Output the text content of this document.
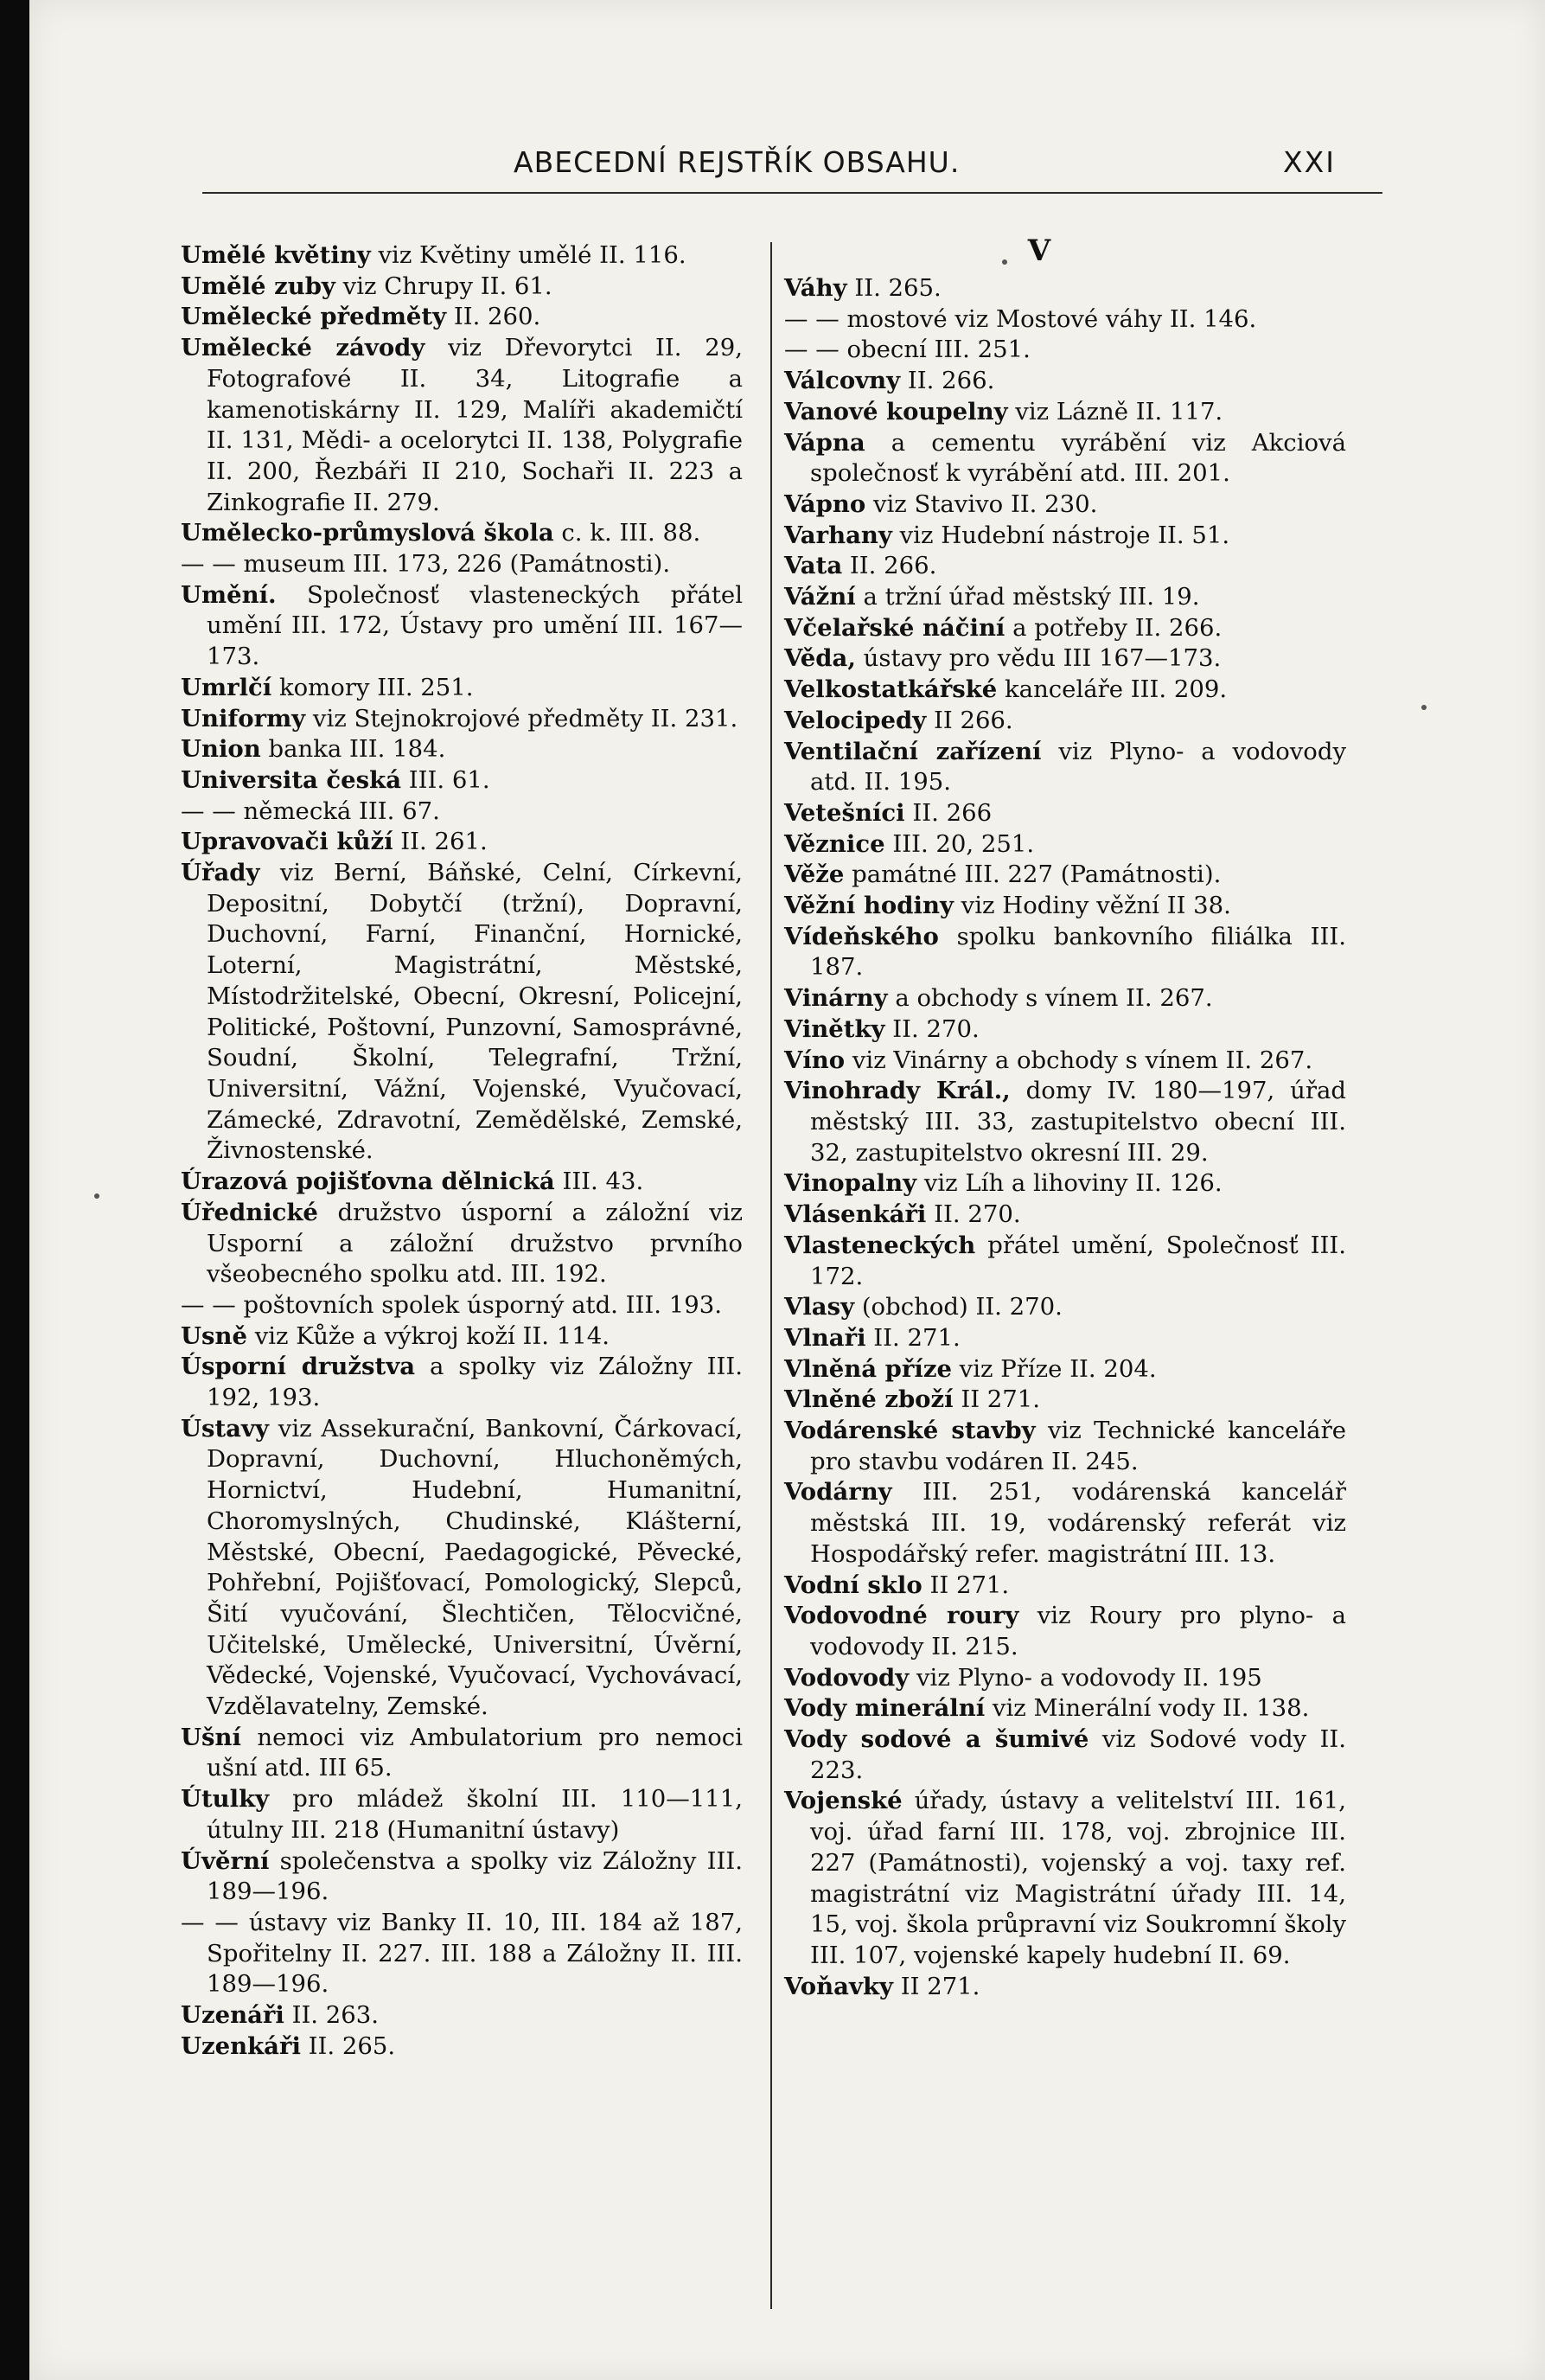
ABECEDNÍ REJSTŘÍK OBSAHU.	XXI
Umělé květiny viz Květiny umělé II. 116.
Umělé zuby viz Chrupy II. 61.
Umělecké předměty II. 260.
Umělecké závody viz Dřevorytci II. 29, Fotografové II. 34, Litografie a kamenotiskárny II. 129, Malíři akademičtí II. 131, Mědi- a ocelorytci II. 138, Polygrafie II. 200, Řezbáři II 210, Sochaři II. 223 a Zinkografie II. 279.
Umělecko-průmyslová škola c. k. III. 88.
— — museum III. 173, 226 (Památnosti).
Umění. Společnosť vlasteneckých přátel umění III. 172, Ústavy pro umění III. 167—173.
Umrlčí komory III. 251.
Uniformy viz Stejnokrojové předměty II. 231.
Union banka III. 184.
Universita česká III. 61.
— — německá III. 67.
Upravovači kůží II. 261.
Úřady viz Berní, Báňské, Celní, Církevní, Depositní, Dobytčí (tržní), Dopravní, Duchovní, Farní, Finanční, Hornické, Loterní, Magistrátní, Městské, Místodržitelské, Obecní, Okresní, Policejní, Politické, Poštovní, Punzovní, Samosprávné, Soudní, Školní, Telegrafní, Tržní, Universitní, Vážní, Vojenské, Vyučovací, Zámecké, Zdravotní, Zemědělské, Zemské, Živnostenské.
Úrazová pojišťovna dělnická III. 43.
Úřednické družstvo úsporní a záložní viz Usporní a záložní družstvo prvního všeobecného spolku atd. III. 192.
— — poštovních spolek úsporný atd. III. 193.
Usně viz Kůže a výkroj koží II. 114.
Úsporní družstva a spolky viz Záložny III. 192, 193.
Ústavy viz Assekurační, Bankovní, Čárkovací, Dopravní, Duchovní, Hluchoněmých, Hornictví, Hudební, Humanitní, Choromyslných, Chudinské, Klášterní, Městské, Obecní, Paedagogické, Pěvecké, Pohřební, Pojišťovací, Pomologický, Slepců, Šití vyučování, Šlechtičen, Tělocvičné, Učitelské, Umělecké, Universitní, Úvěrní, Vědecké, Vojenské, Vyučovací, Vychovávací, Vzdělavatelny, Zemské.
Ušní nemoci viz Ambulatorium pro nemoci ušní atd. III 65.
Útulky pro mládež školní III. 110—111, útulny III. 218 (Humanitní ústavy)
Úvěrní společenstva a spolky viz Záložny III. 189—196.
— — ústavy viz Banky II. 10, III. 184 až 187, Spořitelny II. 227. III. 188 a Záložny II. III. 189—196.
Uzenáři II. 263.
Uzenkáři II. 265.
V
Váhy II. 265.
— — mostové viz Mostové váhy II. 146.
— — obecní III. 251.
Válcovny II. 266.
Vanové koupelny viz Lázně II. 117.
Vápna a cementu vyrábění viz Akciová společnosť k vyrábění atd. III. 201.
Vápno viz Stavivo II. 230.
Varhany viz Hudební nástroje II. 51.
Vata II. 266.
Vážní a tržní úřad městský III. 19.
Včelařské náčiní a potřeby II. 266.
Věda, ústavy pro vědu III 167—173.
Velkostatkářské kanceláře III. 209.
Velocipedy II 266.
Ventilační zařízení viz Plyno- a vodovody atd. II. 195.
Vetešníci II. 266
Věznice III. 20, 251.
Věže památné III. 227 (Památnosti).
Věžní hodiny viz Hodiny věžní II 38.
Vídeňského spolku bankovního filiálka III. 187.
Vinárny a obchody s vínem II. 267.
Vinětky II. 270.
Víno viz Vinárny a obchody s vínem II. 267.
Vinohrady Král., domy IV. 180—197, úřad městský III. 33, zastupitelstvo obecní III. 32, zastupitelstvo okresní III. 29.
Vinopalny viz Líh a lihoviny II. 126.
Vlásenkáři II. 270.
Vlasteneckých přátel umění, Společnosť III. 172.
Vlasy (obchod) II. 270.
Vlnaři II. 271.
Vlněná příze viz Příze II. 204.
Vlněné zboží II 271.
Vodárenské stavby viz Technické kanceláře pro stavbu vodáren II. 245.
Vodárny III. 251, vodárenská kancelář městská III. 19, vodárenský referát viz Hospodářský refer. magistrátní III. 13.
Vodní sklo II 271.
Vodovodné roury viz Roury pro plyno- a vodovody II. 215.
Vodovody viz Plyno- a vodovody II. 195
Vody minerální viz Minerální vody II. 138.
Vody sodové a šumivé viz Sodové vody II. 223.
Vojenské úřady, ústavy a velitelství III. 161, voj. úřad farní III. 178, voj. zbrojnice III. 227 (Památnosti), vojenský a voj. taxy ref. magistrátní viz Magistrátní úřady III. 14, 15, voj. škola průpravní viz Soukromní školy III. 107, vojenské kapely hudební II. 69.
Voňavky II 271.
